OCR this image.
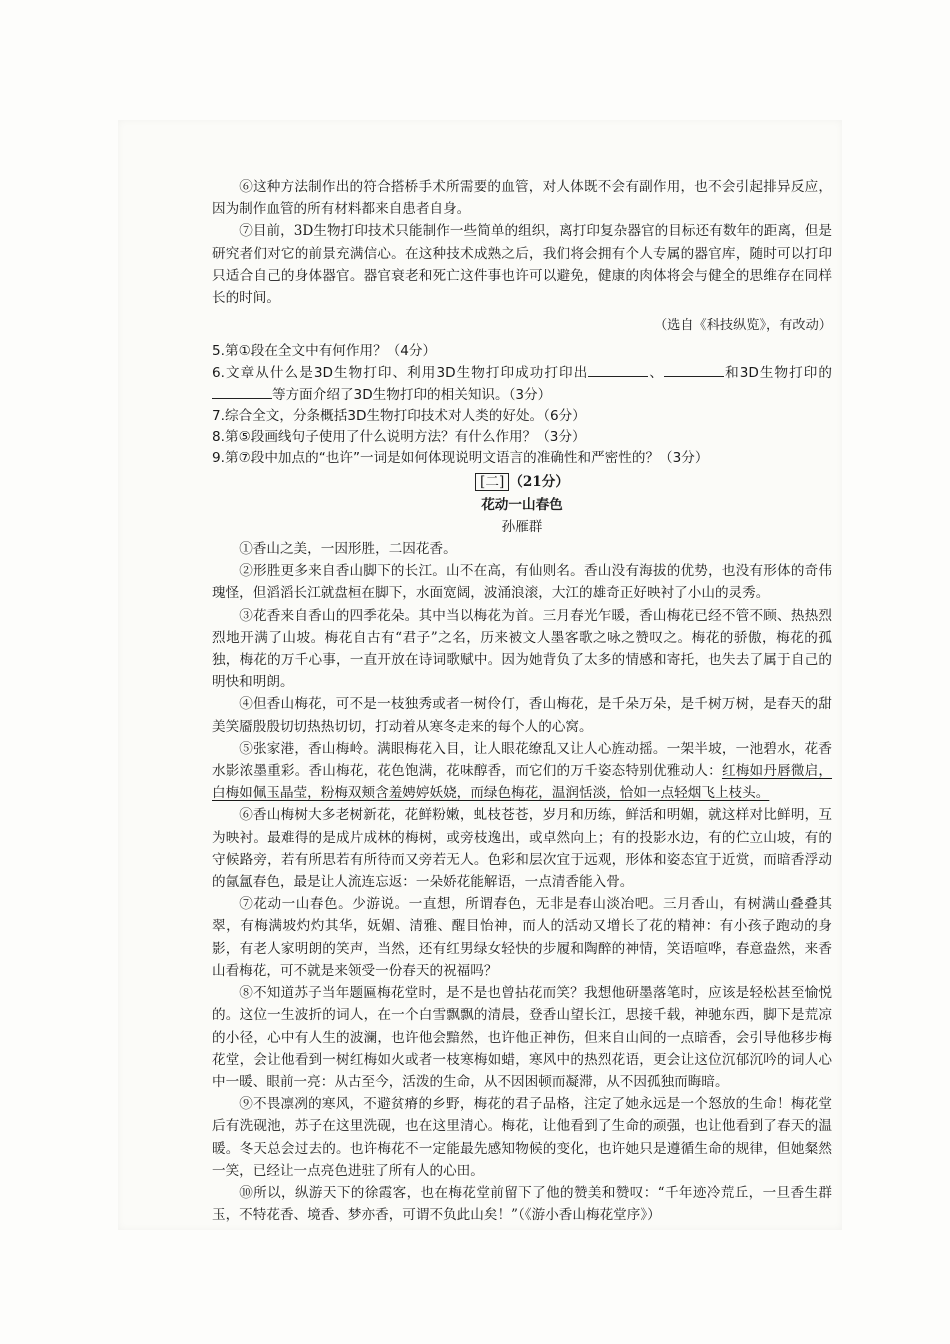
⑥这种方法制作出的符合搭桥手术所需要的血管，对人体既不会有副作用，也不会引起排异反应，因为制作血管的所有材料都来自患者自身。

⑦目前，3D生物打印技术只能制作一些简单的组织，离打印复杂器官的目标还有数年的距离，但是研究者们对它的前景充满信心。在这种技术成熟之后，我们将会拥有个人专属的器官库，随时可以打印只适合自己的身体器官。器官衰老和死亡这件事也许可以避免，健康的肉体将会与健全的思维存在同样长的时间。

（选自《科技纵览》，有改动）

5.第①段在全文中有何作用？（4分）

6.文章从什么是3D生物打印、利用3D生物打印成功打印出	、	和3D生物打印的等方面介绍了3D生物打印的相关知识。（3分）

7.综合全文，分条概括3D生物打印技术对人类的好处。（6分）

8.第⑤段画线句子使用了什么说明方法？有什么作用？（3分）

9.第⑦段中加点的“也许”一词是如何体现说明文语言的准确性和严密性的？（3分）

[二] （21分）

花动一山春色

孙雁群

①香山之美，一因形胜，二因花香。

②形胜更多来自香山脚下的长江。山不在高，有仙则名。香山没有海拔的优势，也没有形体的奇伟瑰怪，但滔滔长江就盘桓在脚下，水面宽阔，波涌浪滚，大江的雄奇正好映衬了小山的灵秀。

③花香来自香山的四季花朵。其中当以梅花为首。三月春光乍暖，香山梅花已经不管不顾、热热烈烈地开满了山坡。梅花自古有“君子”之名，历来被文人墨客歌之咏之赞叹之。梅花的骄傲，梅花的孤独，梅花的万千心事，一直开放在诗词歌赋中。因为她背负了太多的情感和寄托，也失去了属于自己的明快和明朗。

④但香山梅花，可不是一枝独秀或者一树伶仃，香山梅花，是千朵万朵，是千树万树，是春天的甜美笑靥殷殷切切热热切切，打动着从寒冬走来的每个人的心窝。

⑤张家港，香山梅岭。满眼梅花入目，让人眼花缭乱又让人心旌动摇。一架半坡，一池碧水，花香水影浓墨重彩。香山梅花，花色饱满，花味醇香，而它们的万千姿态特别优雅动人：红梅如丹唇微启，白梅如佩玉晶莹，粉梅双颊含羞娉婷妖娆，而绿色梅花，温润恬淡，恰如一点轻烟飞上枝头。

⑥香山梅树大多老树新花，花鲜粉嫩，虬枝苍苍，岁月和历练，鲜活和明媚，就这样对比鲜明，互为映衬。最难得的是成片成林的梅树，或旁枝逸出，或卓然向上；有的投影水边，有的伫立山坡，有的守候路旁，若有所思若有所待而又旁若无人。色彩和层次宜于远观，形体和姿态宜于近赏，而暗香浮动的氤氲春色，最是让人流连忘返：一朵娇花能解语，一点清香能入骨。

⑦花动一山春色。少游说。一直想，所谓春色，无非是春山淡冶吧。三月香山，有树满山叠叠其翠，有梅满坡灼灼其华，妩媚、清雅、醒目怡神，而人的活动又增长了花的精神：有小孩子跑动的身影，有老人家明朗的笑声，当然，还有红男绿女轻快的步履和陶醉的神情，笑语喧哗，春意盎然，来香山看梅花，可不就是来领受一份春天的祝福吗？

⑧不知道苏子当年题匾梅花堂时，是不是也曾拈花而笑？我想他研墨落笔时，应该是轻松甚至愉悦的。这位一生波折的词人，在一个白雪飘飘的清晨，登香山望长江，思接千载，神驰东西，脚下是荒凉的小径，心中有人生的波澜，也许他会黯然，也许他正神伤，但来自山间的一点暗香，会引导他移步梅花堂，会让他看到一树红梅如火或者一枝寒梅如蜡，寒风中的热烈花语，更会让这位沉郁沉吟的词人心中一暖、眼前一亮：从古至今，活泼的生命，从不因困顿而凝滞，从不因孤独而晦暗。

⑨不畏凛冽的寒风，不避贫瘠的乡野，梅花的君子品格，注定了她永远是一个怒放的生命！梅花堂后有洗砚池，苏子在这里洗砚，也在这里清心。梅花，让他看到了生命的顽强，也让他看到了春天的温暖。冬天总会过去的。也许梅花不一定能最先感知物候的变化，也许她只是遵循生命的规律，但她粲然一笑，已经让一点亮色进驻了所有人的心田。

⑩所以，纵游天下的徐霞客，也在梅花堂前留下了他的赞美和赞叹：“千年迹冷荒丘，一旦香生群玉，不特花香、境香、梦亦香，可谓不负此山矣！”（《游小香山梅花堂序》）
